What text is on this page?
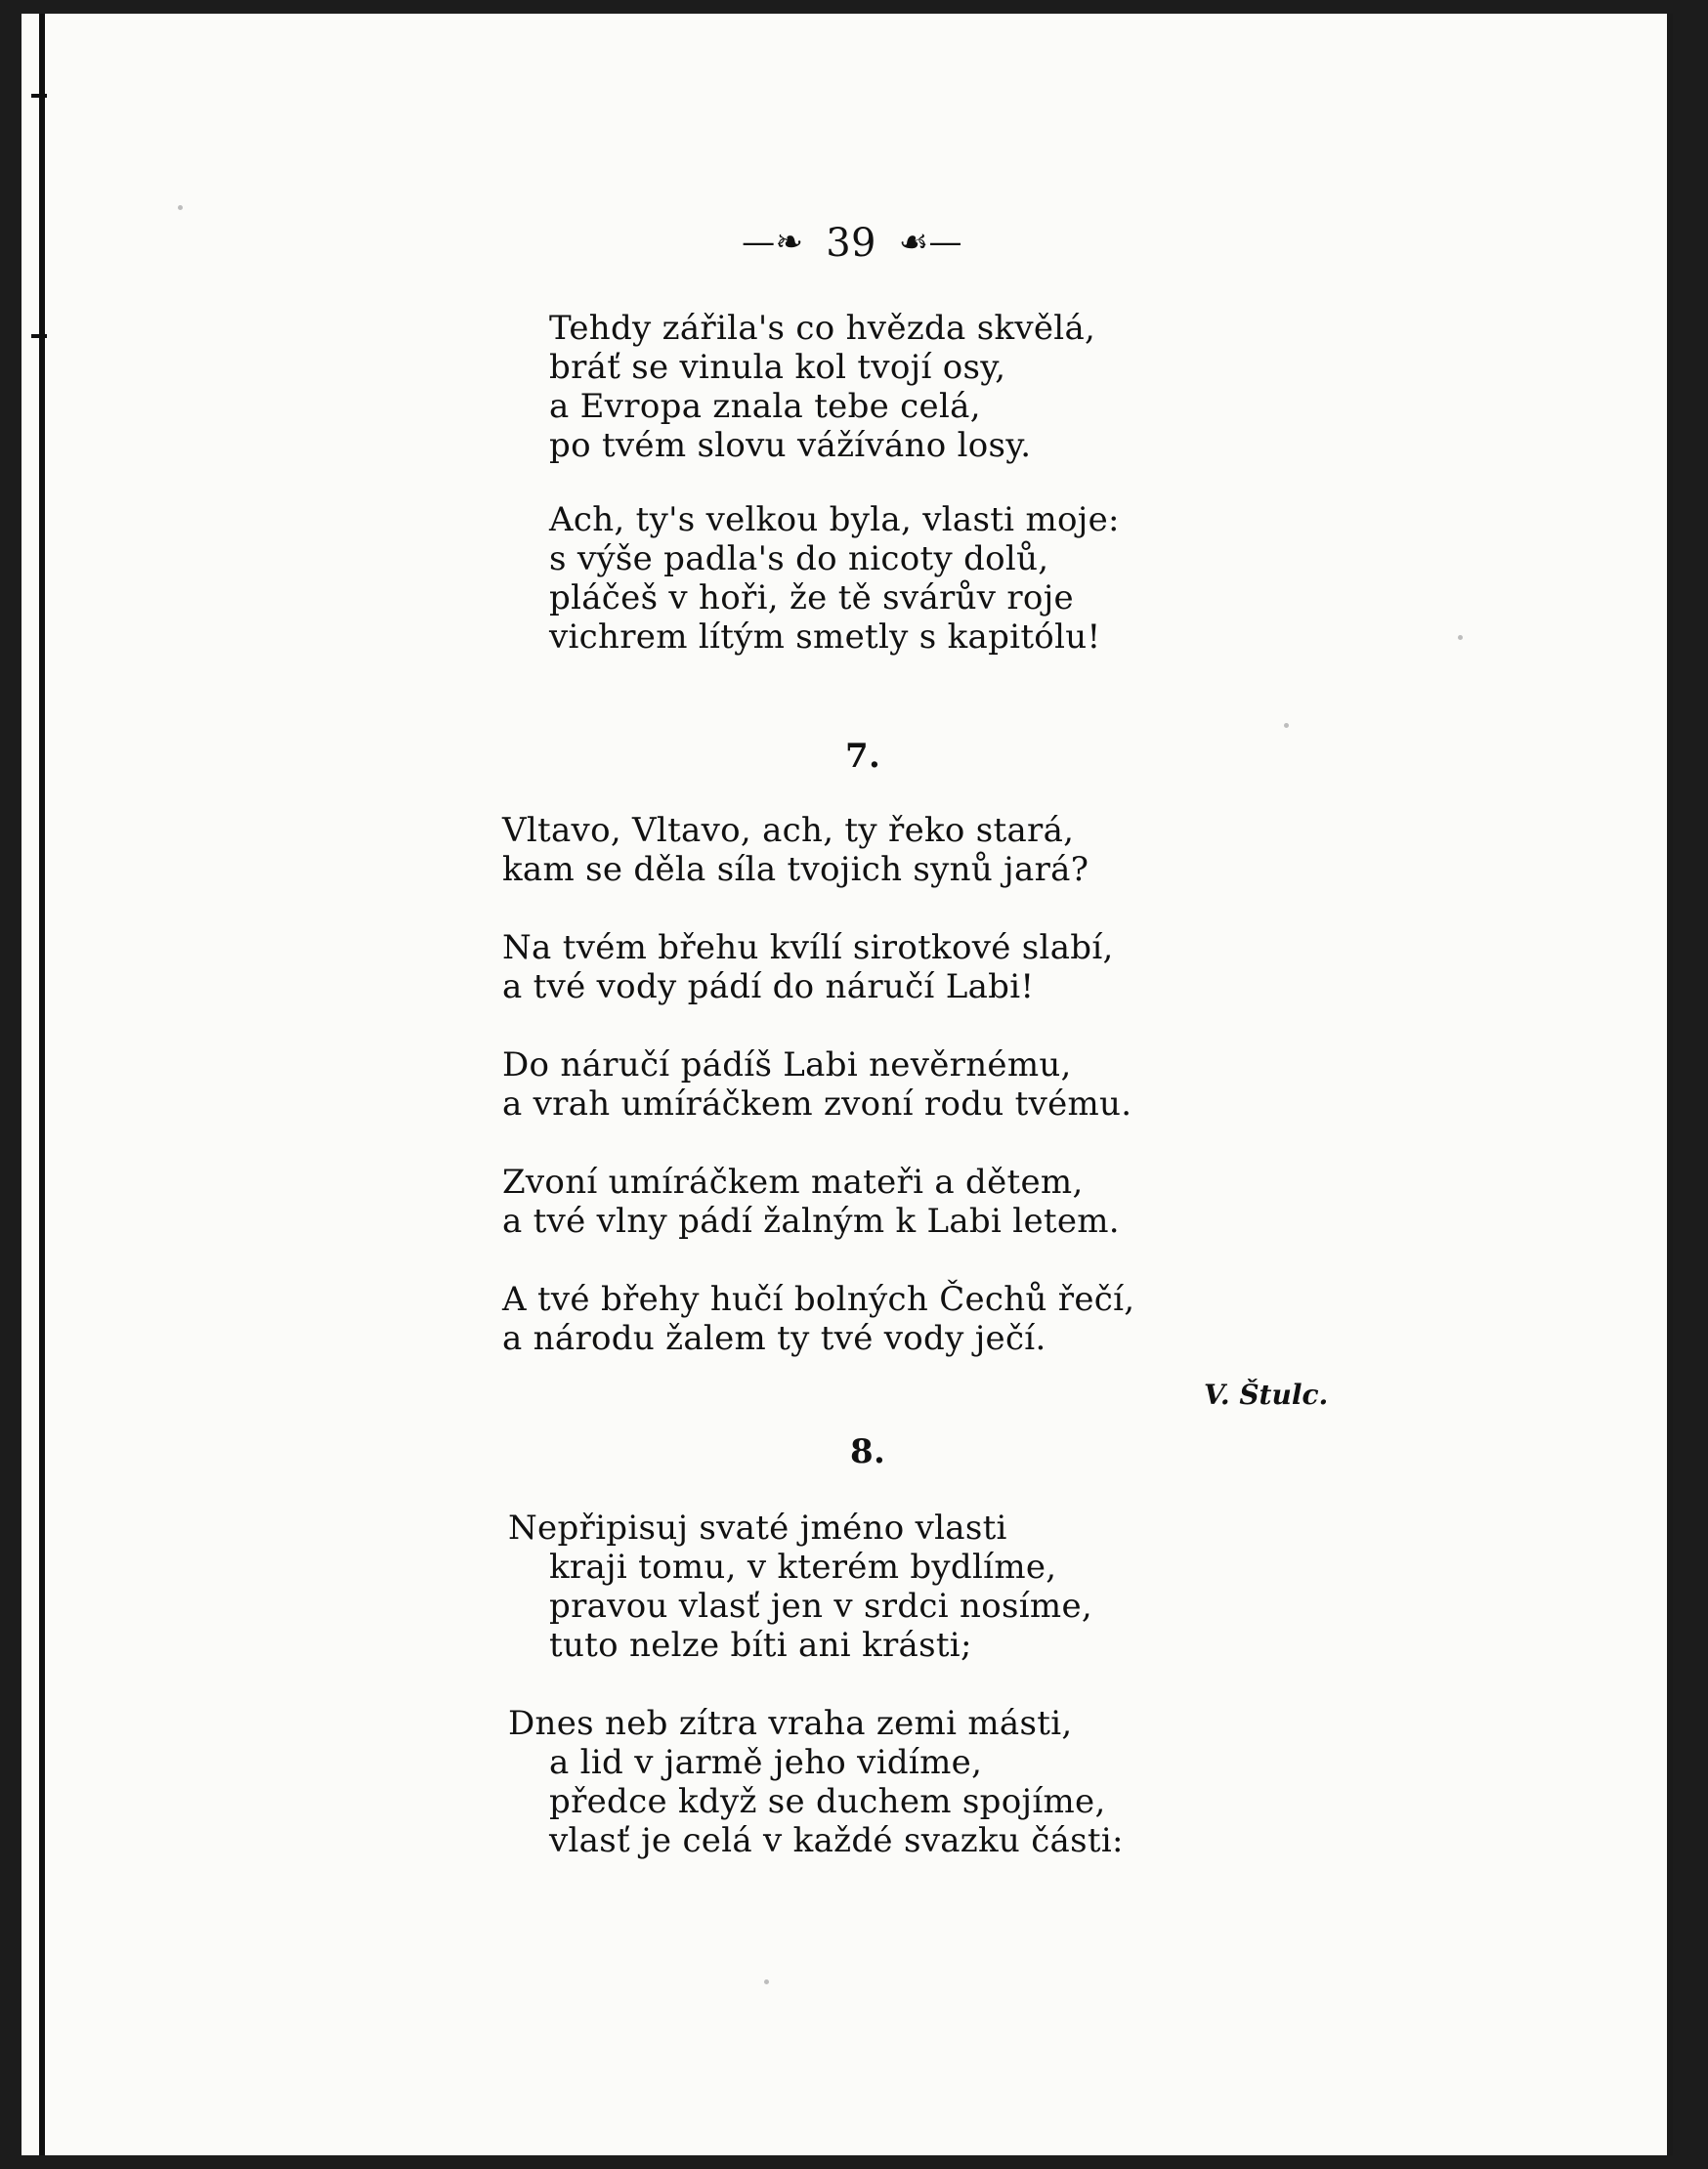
—❧ 39 ☙—
Tehdy zářila's co hvězda skvělá,
bráť se vinula kol tvojí osy,
a Evropa znala tebe celá,
po tvém slovu vážíváno losy.
Ach, ty's velkou byla, vlasti moje:
s výše padla's do nicoty dolů,
pláčeš v hoři, že tě svárův roje
vichrem lítým smetly s kapitólu!
7.
Vltavo, Vltavo, ach, ty řeko stará,
kam se děla síla tvojich synů jará?
Na tvém břehu kvílí sirotkové slabí,
a tvé vody pádí do náručí Labi!
Do náručí pádíš Labi nevěrnému,
a vrah umíráčkem zvoní rodu tvému.
Zvoní umíráčkem mateři a dětem,
a tvé vlny pádí žalným k Labi letem.
A tvé břehy hučí bolných Čechů řečí,
a národu žalem ty tvé vody ječí.
V. Štulc.
8.
Nepřipisuj svaté jméno vlasti
kraji tomu, v kterém bydlíme,
pravou vlasť jen v srdci nosíme,
tuto nelze bíti ani krásti;
Dnes neb zítra vraha zemi másti,
a lid v jarmě jeho vidíme,
předce když se duchem spojíme,
vlasť je celá v každé svazku části:
